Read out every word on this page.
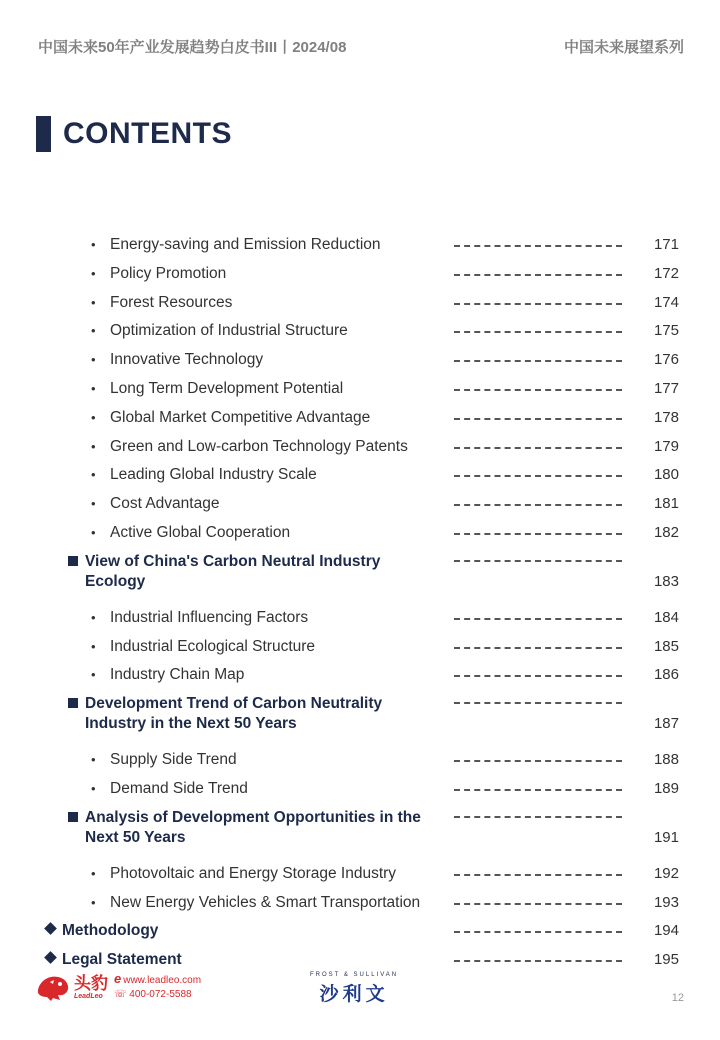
中国未来50年产业发展趋势白皮书III丨2024/08	中国未来展望系列
CONTENTS
• Energy-saving and Emission Reduction	171
• Policy Promotion	172
• Forest Resources	174
• Optimization of Industrial Structure	175
• Innovative Technology	176
• Long Term Development Potential	177
• Global Market Competitive Advantage	178
• Green and Low-carbon Technology Patents	179
• Leading Global Industry Scale	180
• Cost Advantage	181
• Active Global Cooperation	182
View of China's Carbon Neutral Industry Ecology	183
• Industrial Influencing Factors	184
• Industrial Ecological Structure	185
• Industry Chain Map	186
Development Trend of Carbon Neutrality Industry in the Next 50 Years	187
• Supply Side Trend	188
• Demand Side Trend	189
Analysis of Development Opportunities in the Next 50 Years	191
• Photovoltaic and Energy Storage Industry	192
• New Energy Vehicles & Smart Transportation	193
Methodology	194
Legal Statement	195
头豹
LeadLeo
e www.leadleo.com
☏ 400-072-5588
FROST & SULLIVAN
沙利文	12
